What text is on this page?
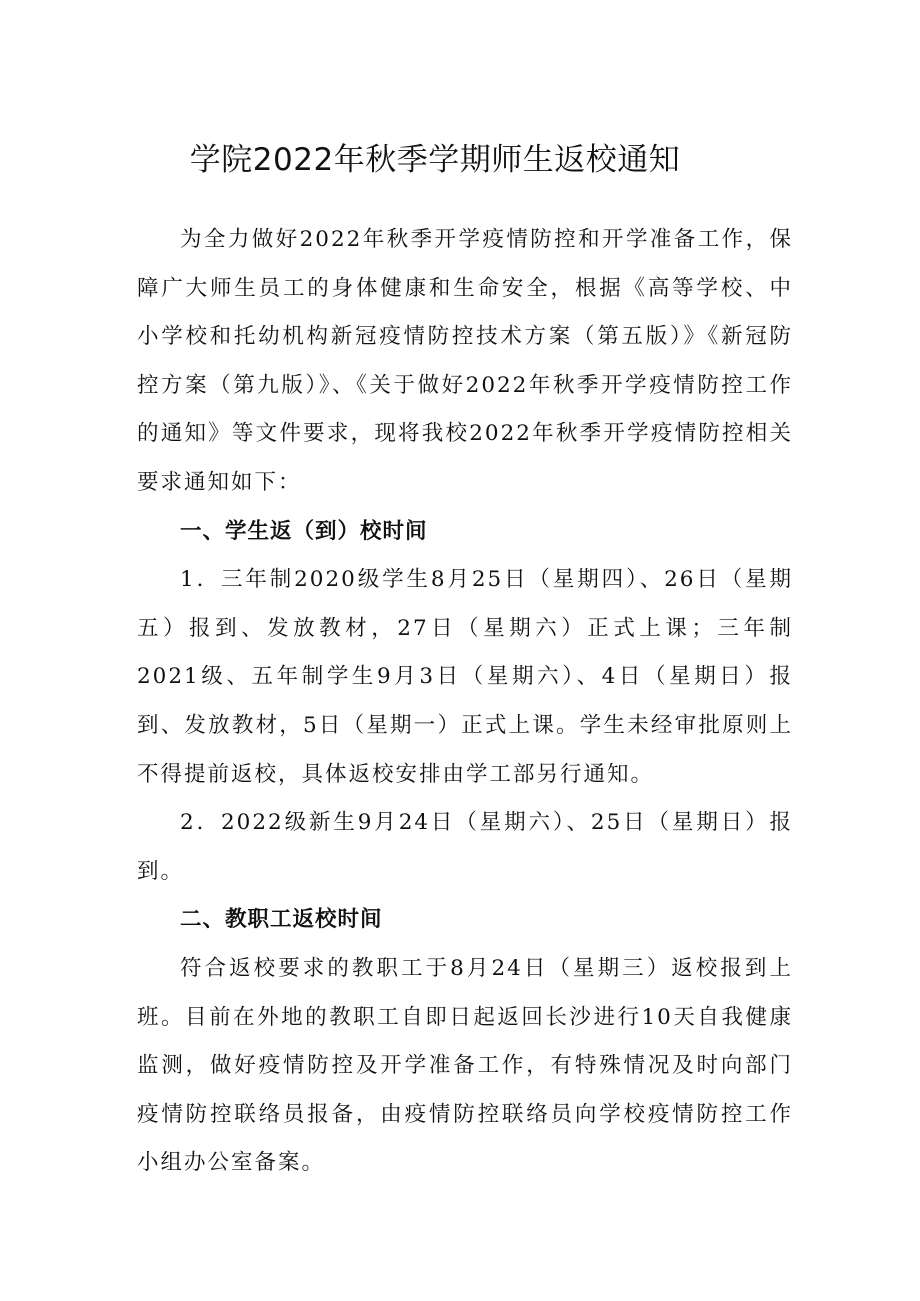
学院2022年秋季学期师生返校通知

为全力做好2022年秋季开学疫情防控和开学准备工作，保障广大师生员工的身体健康和生命安全，根据《高等学校、中小学校和托幼机构新冠疫情防控技术方案（第五版）》《新冠防控方案（第九版）》、《关于做好2022年秋季开学疫情防控工作的通知》等文件要求，现将我校2022年秋季开学疫情防控相关要求通知如下：

一、学生返（到）校时间

1．三年制2020级学生8月25日（星期四）、26日（星期五）报到、发放教材，27日（星期六）正式上课；三年制2021级、五年制学生9月3日（星期六）、4日（星期日）报到、发放教材，5日（星期一）正式上课。学生未经审批原则上不得提前返校，具体返校安排由学工部另行通知。

2．2022级新生9月24日（星期六）、25日（星期日）报到。

二、教职工返校时间

符合返校要求的教职工于8月24日（星期三）返校报到上班。目前在外地的教职工自即日起返回长沙进行10天自我健康监测，做好疫情防控及开学准备工作，有特殊情况及时向部门疫情防控联络员报备，由疫情防控联络员向学校疫情防控工作小组办公室备案。
